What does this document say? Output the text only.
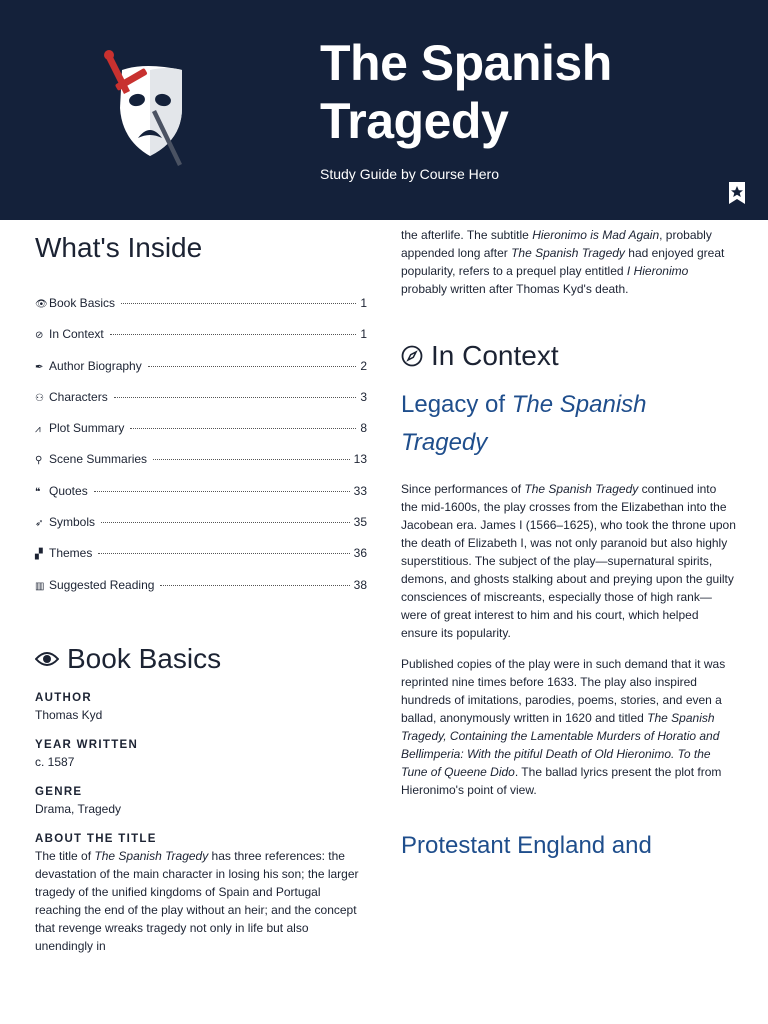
The Spanish Tragedy
Study Guide by Course Hero
What's Inside
👁 Book Basics	1
⊘ In Context	1
✒ Author Biography	2
⚇ Characters	3
⩘ Plot Summary	8
⚲ Scene Summaries	13
❝ Quotes	33
➶ Symbols	35
▞ Themes	36
▥ Suggested Reading	38
Book Basics
AUTHOR
Thomas Kyd
YEAR WRITTEN
c. 1587
GENRE
Drama, Tragedy
ABOUT THE TITLE

The title of The Spanish Tragedy has three references: the devastation of the main character in losing his son; the larger tragedy of the unified kingdoms of Spain and Portugal reaching the end of the play without an heir; and the concept that revenge wreaks tragedy not only in life but also unendingly in

the afterlife. The subtitle Hieronimo is Mad Again, probably appended long after The Spanish Tragedy had enjoyed great popularity, refers to a prequel play entitled I Hieronimo probably written after Thomas Kyd's death.

In Context
Legacy of The Spanish Tragedy

Since performances of The Spanish Tragedy continued into the mid-1600s, the play crosses from the Elizabethan into the Jacobean era. James I (1566–1625), who took the throne upon the death of Elizabeth I, was not only paranoid but also highly superstitious. The subject of the play—supernatural spirits, demons, and ghosts stalking about and preying upon the guilty consciences of miscreants, especially those of high rank—were of great interest to him and his court, which helped ensure its popularity.

Published copies of the play were in such demand that it was reprinted nine times before 1633. The play also inspired hundreds of imitations, parodies, poems, stories, and even a ballad, anonymously written in 1620 and titled The Spanish Tragedy, Containing the Lamentable Murders of Horatio and Bellimperia: With the pitiful Death of Old Hieronimo. To the Tune of Queene Dido. The ballad lyrics present the plot from Hieronimo's point of view.

Protestant England and
